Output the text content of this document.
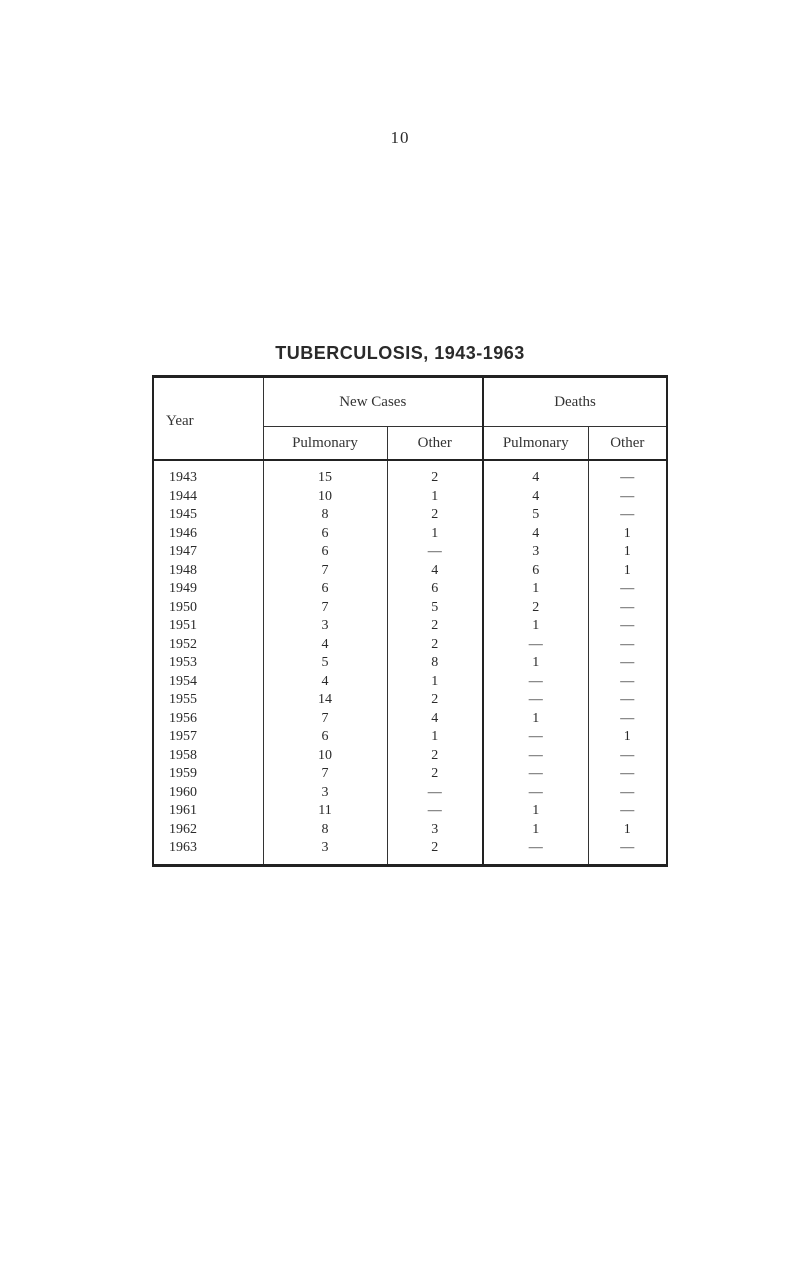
10
TUBERCULOSIS, 1943-1963
Year	New Cases		Deaths	
	Pulmonary	Other	Pulmonary	Other
1943	15	2	4	—
1944	10	1	4	—
1945	8	2	5	—
1946	6	1	4	1
1947	6	—	3	1
1948	7	4	6	1
1949	6	6	1	—
1950	7	5	2	—
1951	3	2	1	—
1952	4	2	—	—
1953	5	8	1	—
1954	4	1	—	—
1955	14	2	—	—
1956	7	4	1	—
1957	6	1	—	1
1958	10	2	—	—
1959	7	2	—	—
1960	3	—	—	—
1961	11	—	1	—
1962	8	3	1	1
1963	3	2	—	—
